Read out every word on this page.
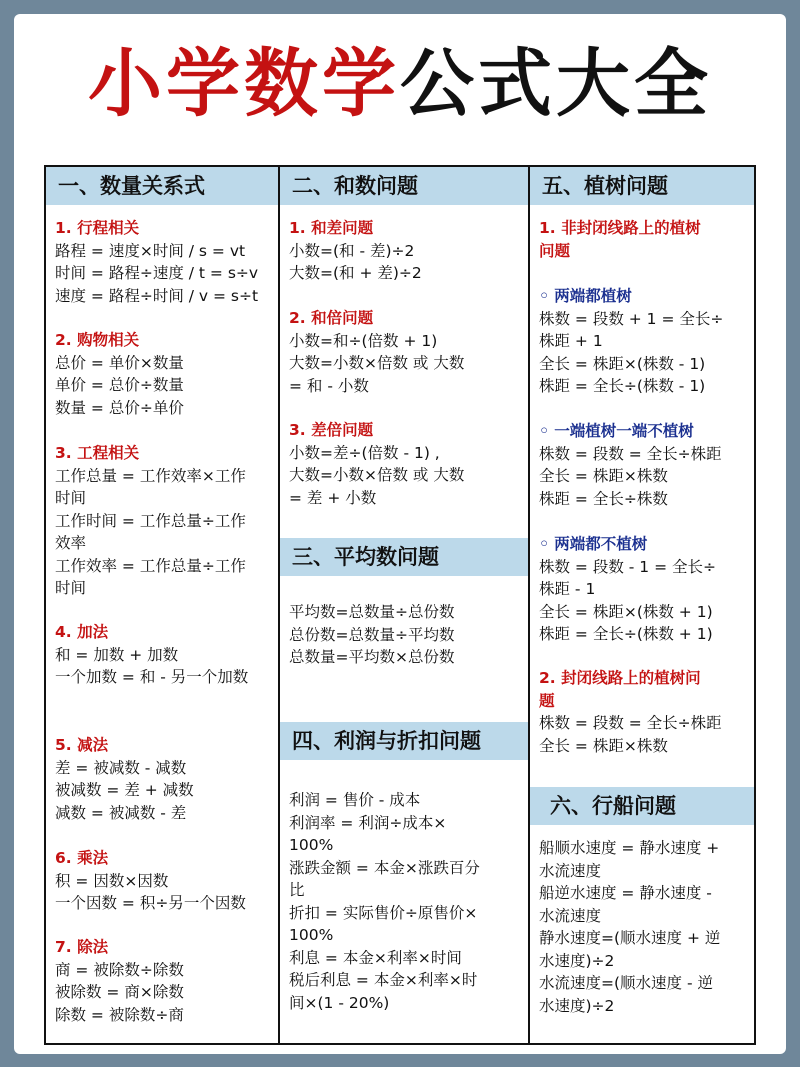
小学数学公式大全
一、数量关系式
1. 行程相关
路程 = 速度×时间 / s = vt
时间 = 路程÷速度 / t = s÷v
速度 = 路程÷时间 / v = s÷t
2. 购物相关
总价 = 单价×数量
单价 = 总价÷数量
数量 = 总价÷单价
3. 工程相关
工作总量 = 工作效率×工作
时间
工作时间 = 工作总量÷工作
效率
工作效率 = 工作总量÷工作
时间
4. 加法
和 = 加数 + 加数
一个加数 = 和 - 另一个加数
5. 减法
差 = 被减数 - 减数
被减数 = 差 + 减数
减数 = 被减数 - 差
6. 乘法
积 = 因数×因数
一个因数 = 积÷另一个因数
7. 除法
商 = 被除数÷除数
被除数 = 商×除数
除数 = 被除数÷商
二、和数问题
1. 和差问题
小数=(和 - 差)÷2
大数=(和 + 差)÷2
2. 和倍问题
小数=和÷(倍数 + 1)
大数=小数×倍数 或 大数
= 和 - 小数
3. 差倍问题
小数=差÷(倍数 - 1) ,
大数=小数×倍数 或 大数
= 差 + 小数
三、平均数问题
平均数=总数量÷总份数
总份数=总数量÷平均数
总数量=平均数×总份数
四、利润与折扣问题
利润 = 售价 - 成本
利润率 = 利润÷成本×
100%
涨跌金额 = 本金×涨跌百分
比
折扣 = 实际售价÷原售价×
100%
利息 = 本金×利率×时间
税后利息 = 本金×利率×时
间×(1 - 20%)
五、植树问题
1. 非封闭线路上的植树
问题
◦ 两端都植树
株数 = 段数 + 1 = 全长÷
株距 + 1
全长 = 株距×(株数 - 1)
株距 = 全长÷(株数 - 1)
◦ 一端植树一端不植树
株数 = 段数 = 全长÷株距
全长 = 株距×株数
株距 = 全长÷株数
◦ 两端都不植树
株数 = 段数 - 1 = 全长÷
株距 - 1
全长 = 株距×(株数 + 1)
株距 = 全长÷(株数 + 1)
2. 封闭线路上的植树问
题
株数 = 段数 = 全长÷株距
全长 = 株距×株数
六、行船问题
船顺水速度 = 静水速度 +
水流速度
船逆水速度 = 静水速度 -
水流速度
静水速度=(顺水速度 + 逆
水速度)÷2
水流速度=(顺水速度 - 逆
水速度)÷2
